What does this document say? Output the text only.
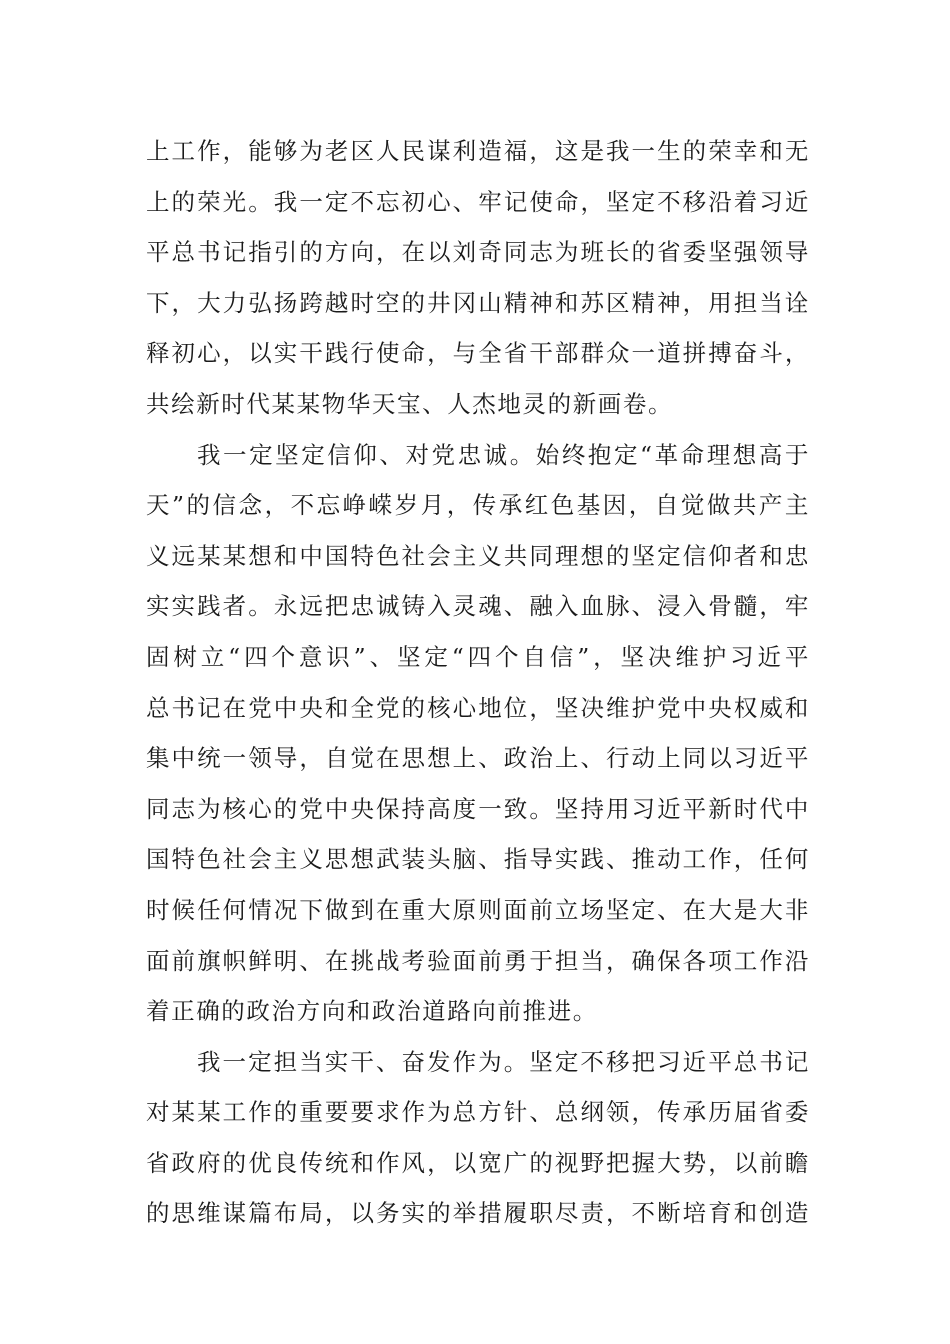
上工作，能够为老区人民谋利造福，这是我一生的荣幸和无
上的荣光。我一定不忘初心、牢记使命，坚定不移沿着习近
平总书记指引的方向，在以刘奇同志为班长的省委坚强领导
下，大力弘扬跨越时空的井冈山精神和苏区精神，用担当诠
释初心，以实干践行使命，与全省干部群众一道拼搏奋斗，
共绘新时代某某物华天宝、人杰地灵的新画卷。
我一定坚定信仰、对党忠诚。始终抱定“革命理想高于
天”的信念，不忘峥嵘岁月，传承红色基因，自觉做共产主
义远某某想和中国特色社会主义共同理想的坚定信仰者和忠
实实践者。永远把忠诚铸入灵魂、融入血脉、浸入骨髓，牢
固树立“四个意识”、坚定“四个自信”，坚决维护习近平
总书记在党中央和全党的核心地位，坚决维护党中央权威和
集中统一领导，自觉在思想上、政治上、行动上同以习近平
同志为核心的党中央保持高度一致。坚持用习近平新时代中
国特色社会主义思想武装头脑、指导实践、推动工作，任何
时候任何情况下做到在重大原则面前立场坚定、在大是大非
面前旗帜鲜明、在挑战考验面前勇于担当，确保各项工作沿
着正确的政治方向和政治道路向前推进。
我一定担当实干、奋发作为。坚定不移把习近平总书记
对某某工作的重要要求作为总方针、总纲领，传承历届省委
省政府的优良传统和作风，以宽广的视野把握大势，以前瞻
的思维谋篇布局，以务实的举措履职尽责，不断培育和创造
